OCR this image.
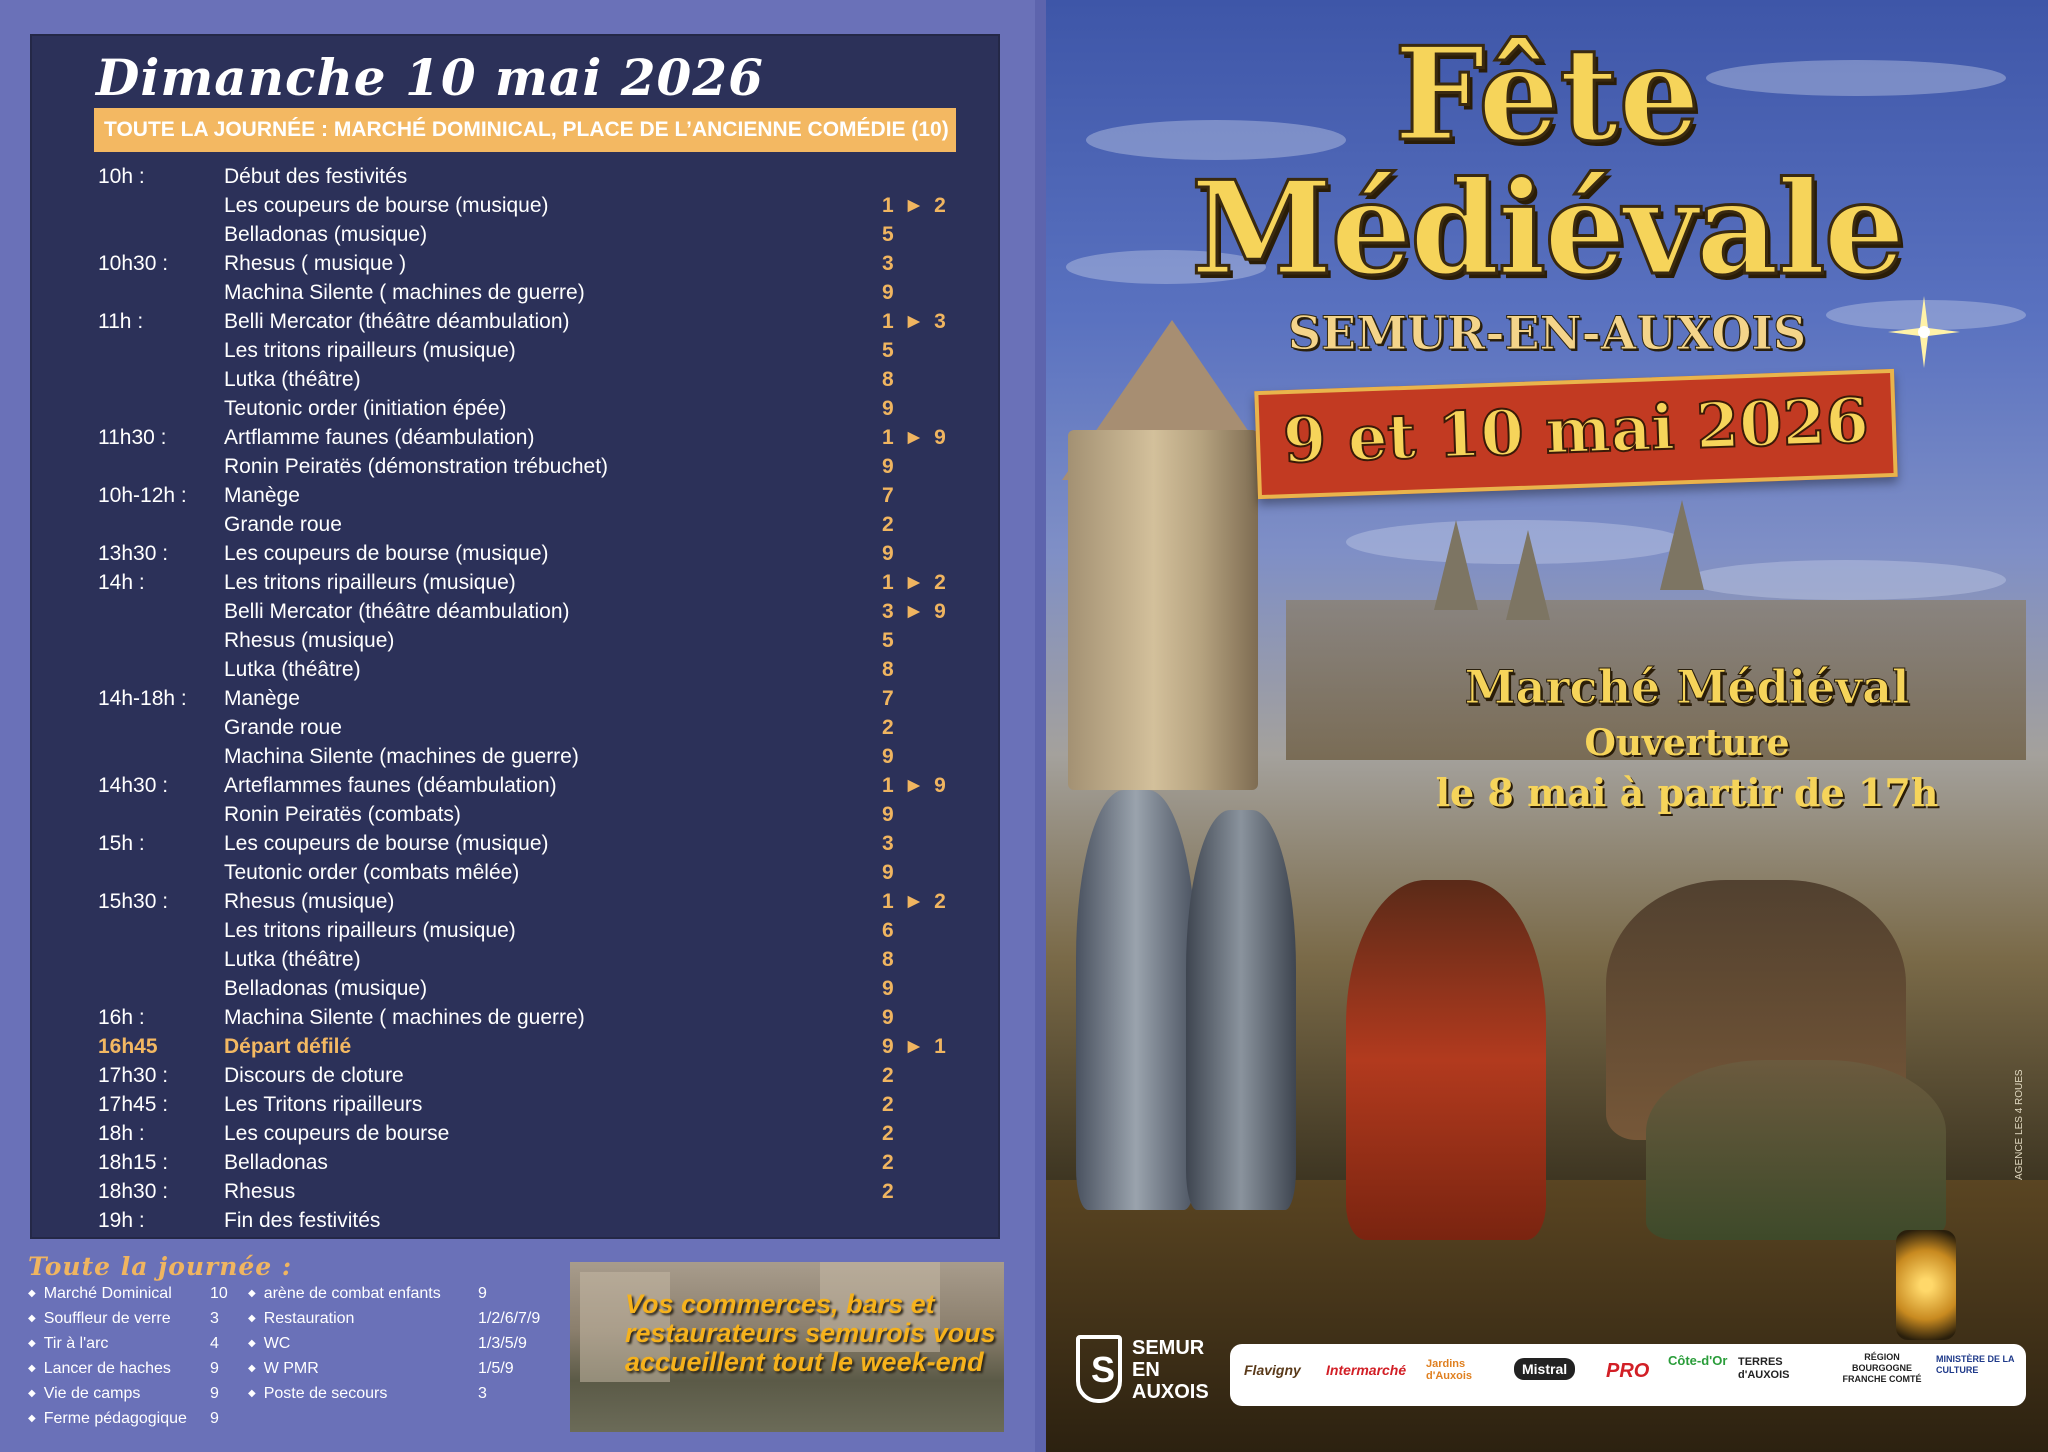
Dimanche 10 mai 2026
TOUTE LA JOURNÉE : MARCHÉ DOMINICAL, PLACE DE L’ANCIENNE COMÉDIE (10)
10h :	Début des festivités
Les coupeurs de bourse (musique)	1 ► 2
Belladonas (musique)	5
10h30 :	Rhesus ( musique )	3
Machina Silente ( machines de guerre)	9
11h :	Belli Mercator (théâtre déambulation)	1 ► 3
Les tritons ripailleurs (musique)	5
Lutka (théâtre)	8
Teutonic order (initiation épée)	9
11h30 :	Artflamme faunes (déambulation)	1 ► 9
Ronin Peiratës (démonstration trébuchet)	9
10h-12h : Manège	7
Grande roue	2
13h30 :	Les coupeurs de bourse (musique)	9
14h :	Les tritons ripailleurs (musique)	1 ► 2
Belli Mercator (théâtre déambulation)	3 ► 9
Rhesus (musique)	5
Lutka (théâtre)	8
14h-18h : Manège	7
Grande roue	2
Machina Silente (machines de guerre)	9
14h30 :	Arteflammes faunes (déambulation)	1 ► 9
Ronin Peiratës (combats)	9
15h :	Les coupeurs de bourse (musique)	3
Teutonic order (combats mêlée)	9
15h30 :	Rhesus (musique)	1 ► 2
Les tritons ripailleurs (musique)	6
Lutka (théâtre)	8
Belladonas (musique)	9
16h :	Machina Silente ( machines de guerre)	9
16h45	Départ défilé	9 ► 1
17h30 :	Discours de cloture	2
17h45 :	Les Tritons ripailleurs	2
18h :	Les coupeurs de bourse	2
18h15 :	Belladonas	2
18h30 :	Rhesus	2
19h :	Fin des festivités
Toute la journée :
◆ Marché Dominical 10
◆ Souffleur de verre 3
◆ Tir à l'arc	4
◆ Lancer de haches 9
◆ Vie de camps	9
◆ Ferme pédagogique 9
◆ arène de combat enfants 9
◆ Restauration	1/2/6/7/9
◆ WC	1/3/5/9
◆ W PMR	1/5/9
◆ Poste de secours	3
Vos commerces, bars et restaurateurs semurois vous accueillent tout le week-end
Fête
Médiévale
SEMUR-EN-AUXOIS
9 et 10 mai 2026
Marché Médiéval
Ouverture
le 8 mai à partir de 17h
AGENCE LES 4 ROUES
S
SEMUR
EN
AUXOIS
Flavigny Intermarché Jardins d'Auxois	Mistral	PRO Côte-d'Or TERRES d'AUXOIS
RÉGION BOURGOGNE FRANCHE COMTÉ
MINISTÈRE DE LA CULTURE
